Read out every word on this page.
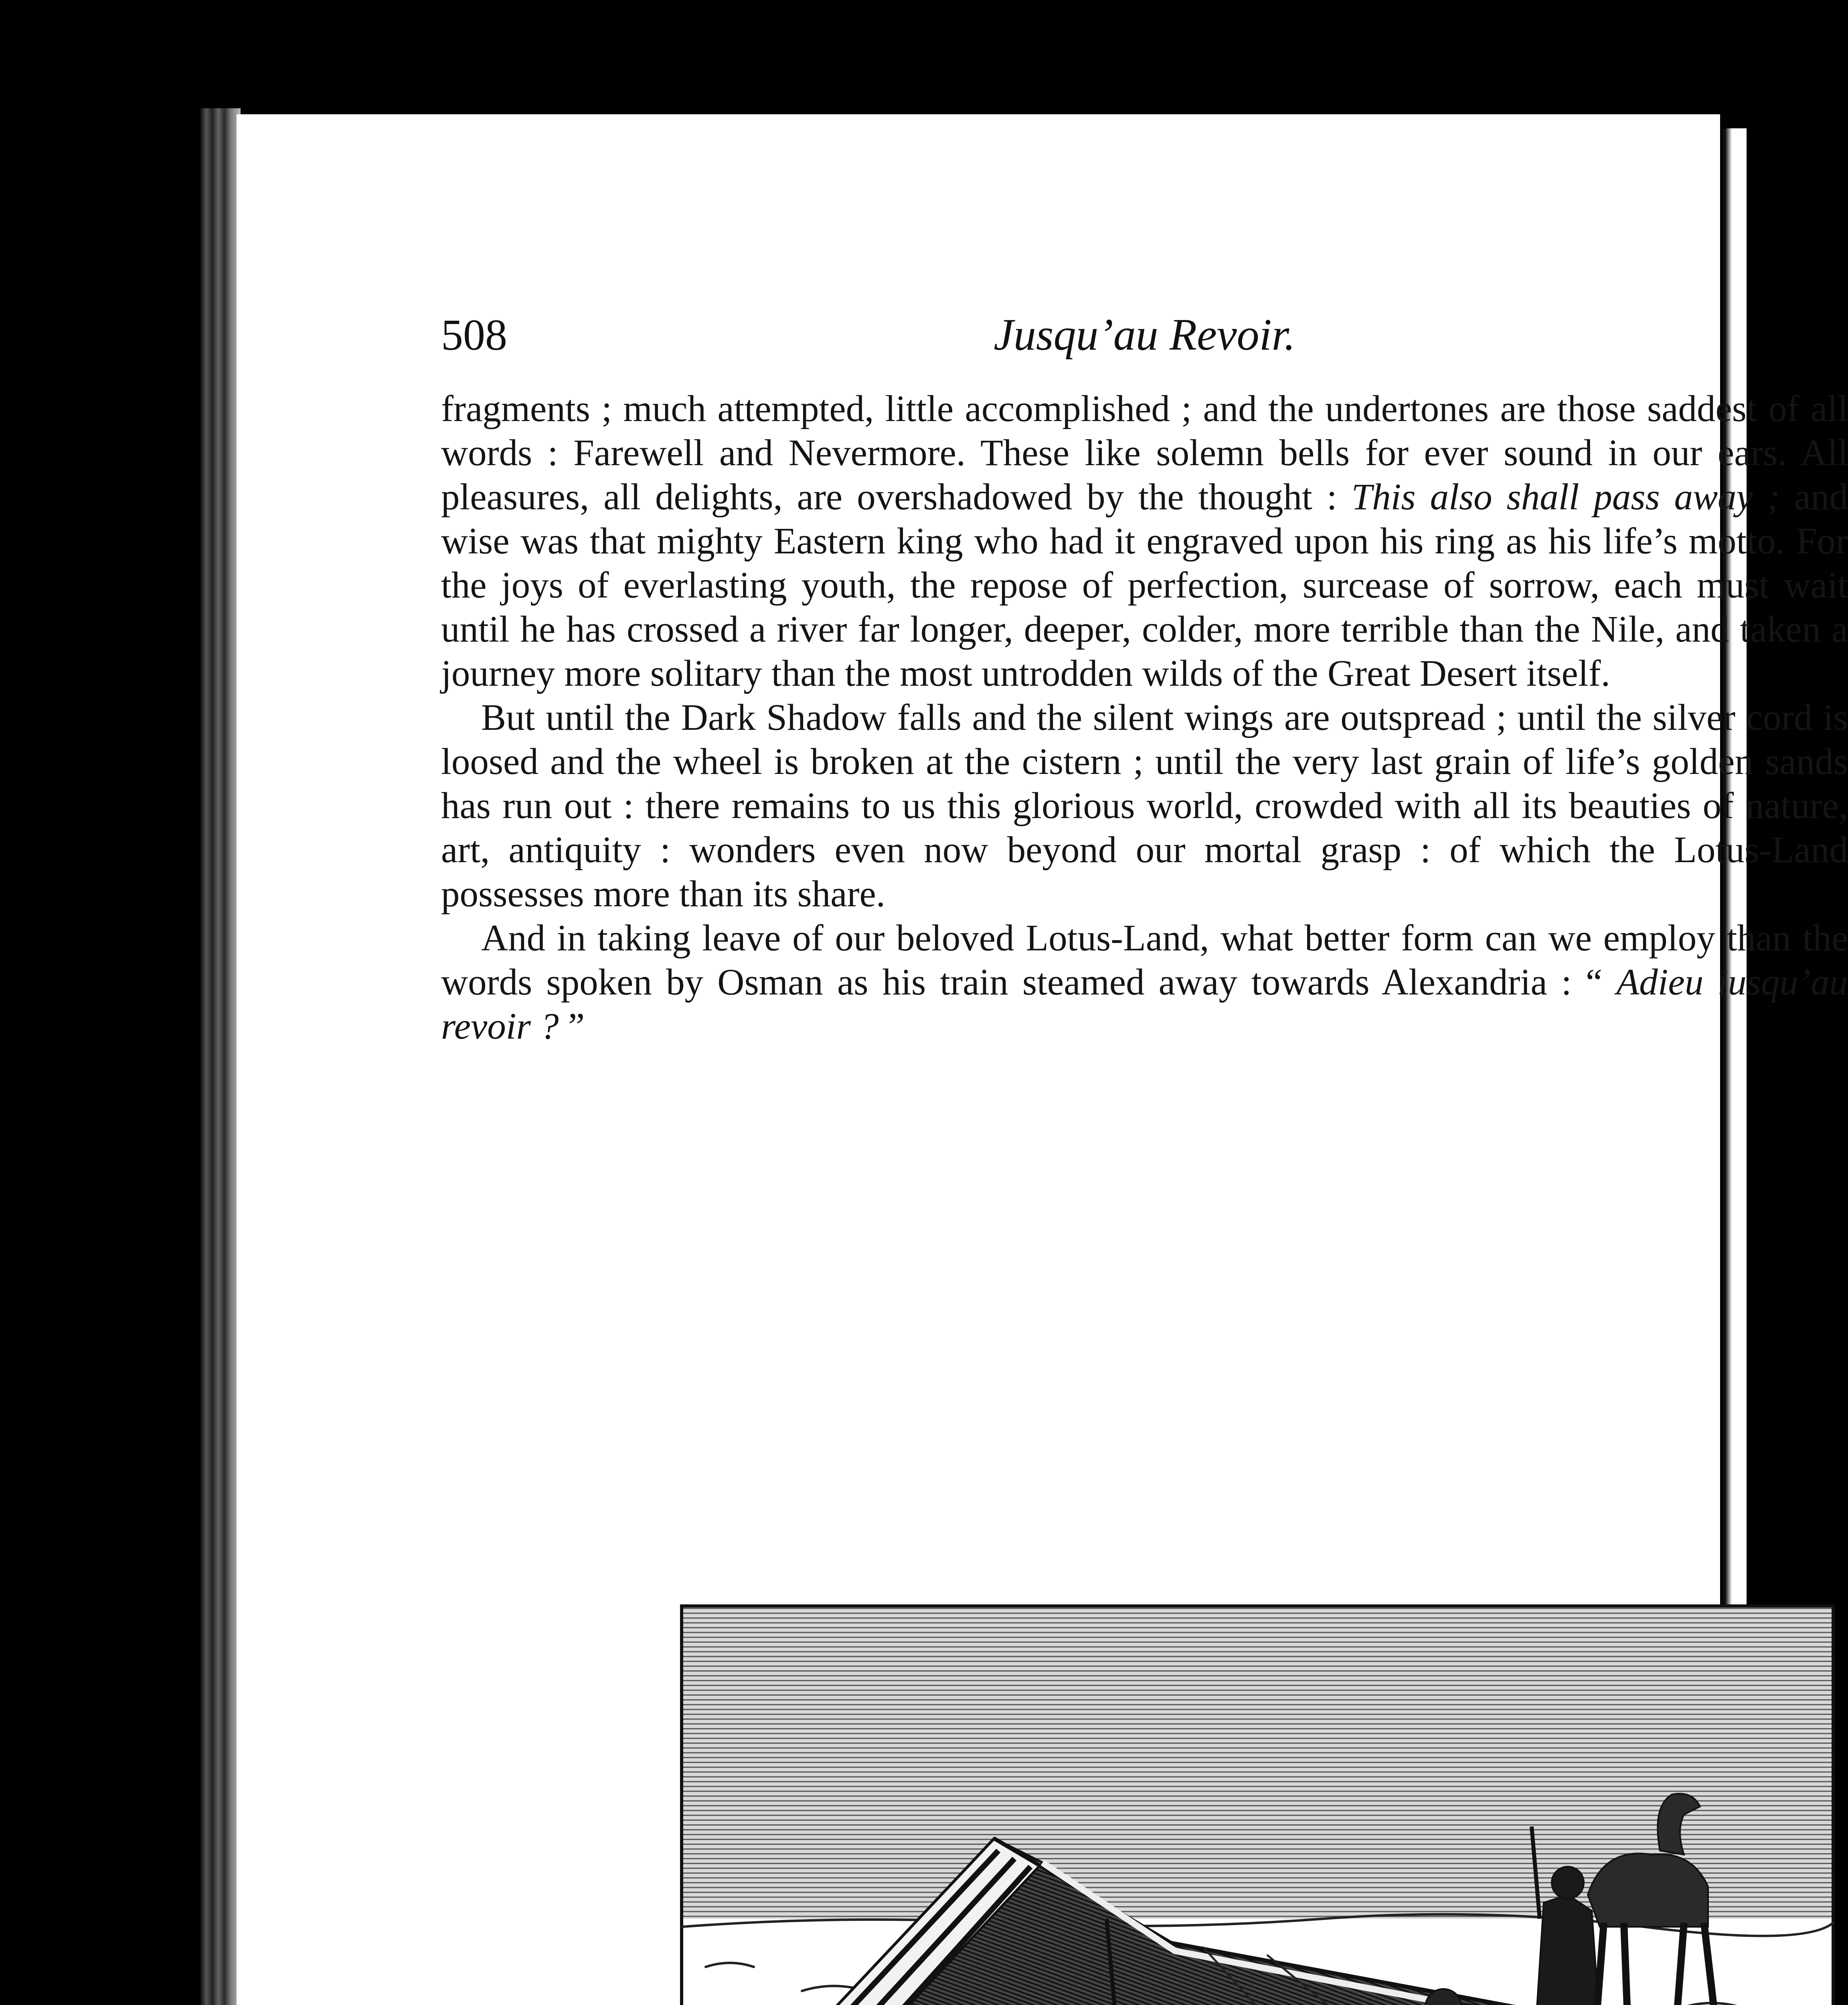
508	Jusqu’au Revoir.

fragments ; much attempted, little accomplished ; and the undertones are those saddest of all words : Farewell and Nevermore. These like solemn bells for ever sound in our ears. All pleasures, all delights, are overshadowed by the thought : This also shall pass away ; and wise was that mighty Eastern king who had it engraved upon his ring as his life’s motto. For the joys of everlasting youth, the repose of perfection, surcease of sorrow, each must wait until he has crossed a river far longer, deeper, colder, more terrible than the Nile, and taken a journey more solitary than the most untrodden wilds of the Great Desert itself.

But until the Dark Shadow falls and the silent wings are outspread ; until the silver cord is loosed and the wheel is broken at the cistern ; until the very last grain of life’s golden sands has run out : there remains to us this glorious world, crowded with all its beauties of nature, art, antiquity : wonders even now beyond our mortal grasp : of which the Lotus-Land possesses more than its share.

And in taking leave of our beloved Lotus-Land, what better form can we employ than the words spoken by Osman as his train steamed away towards Alexandria : “ Adieu iusqu’au revoir ? ”
